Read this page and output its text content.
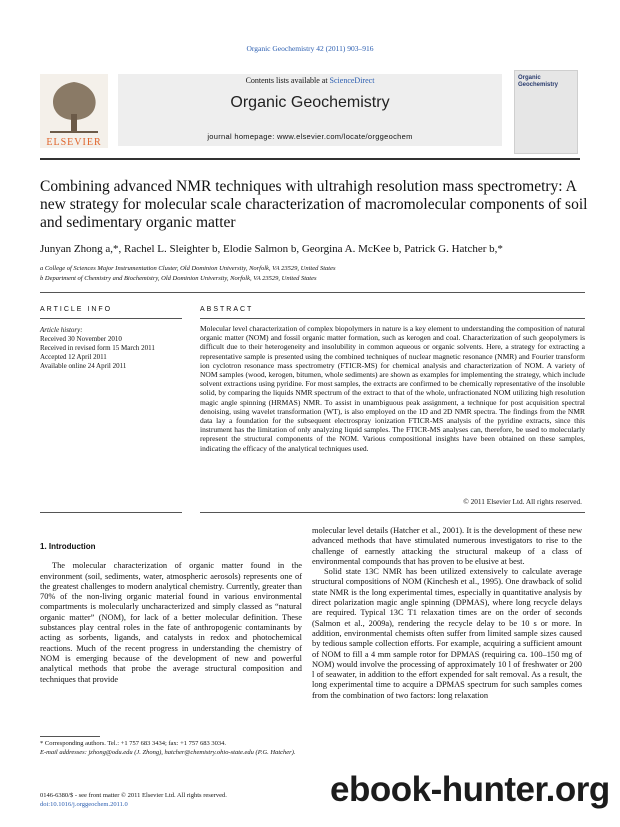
Organic Geochemistry 42 (2011) 903–916
ELSEVIER
Contents lists available at ScienceDirect
Organic Geochemistry
journal homepage: www.elsevier.com/locate/orggeochem
Organic Geochemistry
Combining advanced NMR techniques with ultrahigh resolution mass spectrometry: A new strategy for molecular scale characterization of macromolecular components of soil and sedimentary organic matter
Junyan Zhong a,*, Rachel L. Sleighter b, Elodie Salmon b, Georgina A. McKee b, Patrick G. Hatcher b,*
a College of Sciences Major Instrumentation Cluster, Old Dominion University, Norfolk, VA 23529, United States
b Department of Chemistry and Biochemistry, Old Dominion University, Norfolk, VA 23529, United States
ARTICLE INFO
Article history:
Received 30 November 2010
Received in revised form 15 March 2011
Accepted 12 April 2011
Available online 24 April 2011
ABSTRACT
Molecular level characterization of complex biopolymers in nature is a key element to understanding the composition of natural organic matter (NOM) and fossil organic matter formation, such as kerogen and coal. Characterization of such geopolymers is difficult due to their heterogeneity and insolubility in common aqueous or organic solvents. Here, a strategy for extracting a representative sample is presented using the combined techniques of nuclear magnetic resonance (NMR) and Fourier transform ion cyclotron resonance mass spectrometry (FTICR-MS) for chemical analysis and characterization of NOM. A variety of NOM samples (wood, kerogen, bitumen, whole sediments) are shown as examples for implementing the strategy, which include solvent extractions using pyridine. For most samples, the extracts are confirmed to be chemically representative of the insoluble solid, by comparing the liquids NMR spectrum of the extract to that of the whole, unfractionated NOM utilizing high resolution magic angle spinning (HRMAS) NMR. To assist in unambiguous peak assignment, a technique for post acquisition spectral denoising, using wavelet transformation (WT), is also employed on the 1D and 2D NMR spectra. The findings from the NMR data lay a foundation for the subsequent electrospray ionization FTICR-MS analysis of the pyridine extracts, since this instrument has the limitation of only analyzing liquid samples. The FTICR-MS analyses can, therefore, be used to molecularly represent the structural components of the NOM. Various compositional insights have been obtained on these samples, indicating the efficacy of the analytical techniques used.
© 2011 Elsevier Ltd. All rights reserved.
1. Introduction

The molecular characterization of organic matter found in the environment (soil, sediments, water, atmospheric aerosols) represents one of the greatest challenges to modern analytical chemistry. Currently, greater than 70% of the non-living organic material found in various environmental compartments is molecularly uncharacterized and simply classed as “natural organic matter” (NOM), for lack of a better molecular definition. These substances play central roles in the fate of anthropogenic contaminants by acting as sorbents, ligands, and catalysts in redox and photochemical reactions. Much of the recent progress in understanding the chemistry of NOM is emerging because of the development of new and powerful analytical methods that probe the average structural composition and techniques that provide

molecular level details (Hatcher et al., 2001). It is the development of these new advanced methods that have stimulated numerous investigators to rise to the challenge of earnestly attacking the structural makeup of a class of environmental compounds that has proven to be elusive at best.

Solid state 13C NMR has been utilized extensively to calculate average structural compositions of NOM (Kinchesh et al., 1995). One drawback of solid state NMR is the long experimental times, especially in quantitative analysis by direct polarization magic angle spinning (DPMAS), where long recycle delays are required. Typical 13C T1 relaxation times are on the order of seconds (Salmon et al., 2009a), rendering the recycle delay to be 10 s or more. In addition, environmental chemists often suffer from limited sample sizes caused by tedious sample collection efforts. For example, acquiring a sufficient amount of NOM to fill a 4 mm sample rotor for DPMAS (requiring ca. 100–150 mg of NOM) would involve the processing of approximately 10 l of freshwater or 200 l of seawater, in addition to the effort expended for salt removal. As a result, the long experimental time to acquire a DPMAS spectrum for such samples comes from the combination of two factors: long relaxation

* Corresponding authors. Tel.: +1 757 683 3434; fax: +1 757 683 3034.
E-mail addresses: jzhong@odu.edu (J. Zhong), hatcher@chemistry.ohio-state.edu (P.G. Hatcher).
0146-6380/$ - see front matter © 2011 Elsevier Ltd. All rights reserved.
doi:10.1016/j.orggeochem.2011.0	ebook-hunter.org
